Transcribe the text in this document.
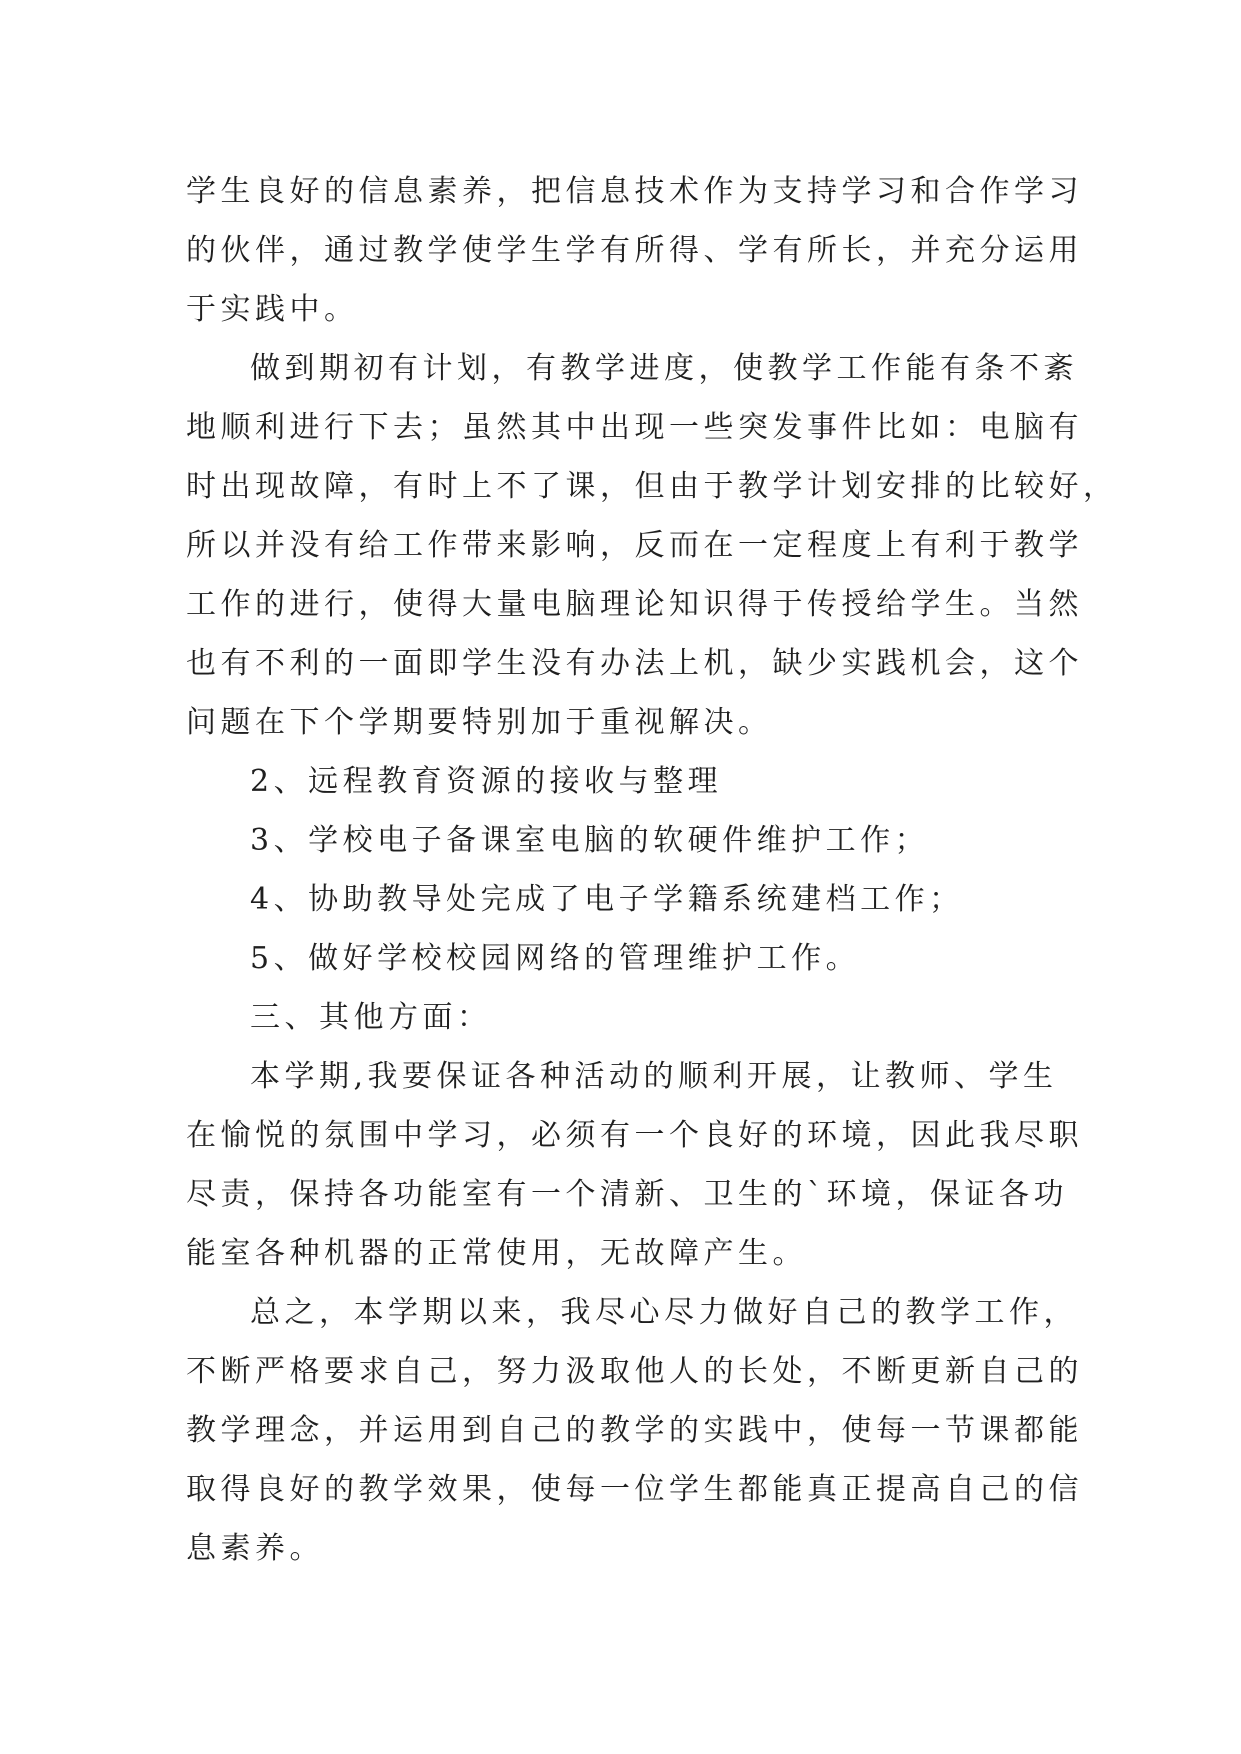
学生良好的信息素养，把信息技术作为支持学习和合作学习
的伙伴，通过教学使学生学有所得、学有所长，并充分运用
于实践中。
做到期初有计划，有教学进度，使教学工作能有条不紊
地顺利进行下去；虽然其中出现一些突发事件比如：电脑有
时出现故障，有时上不了课，但由于教学计划安排的比较好，
所以并没有给工作带来影响，反而在一定程度上有利于教学
工作的进行，使得大量电脑理论知识得于传授给学生。当然
也有不利的一面即学生没有办法上机，缺少实践机会，这个
问题在下个学期要特别加于重视解决。
2、远程教育资源的接收与整理
3、学校电子备课室电脑的软硬件维护工作；
4、协助教导处完成了电子学籍系统建档工作；
5、做好学校校园网络的管理维护工作。
三、其他方面：
本学期,我要保证各种活动的顺利开展，让教师、学生
在愉悦的氛围中学习，必须有一个良好的环境，因此我尽职
尽责，保持各功能室有一个清新、卫生的`环境，保证各功
能室各种机器的正常使用，无故障产生。
总之，本学期以来，我尽心尽力做好自己的教学工作，
不断严格要求自己，努力汲取他人的长处，不断更新自己的
教学理念，并运用到自己的教学的实践中，使每一节课都能
取得良好的教学效果，使每一位学生都能真正提高自己的信
息素养。
